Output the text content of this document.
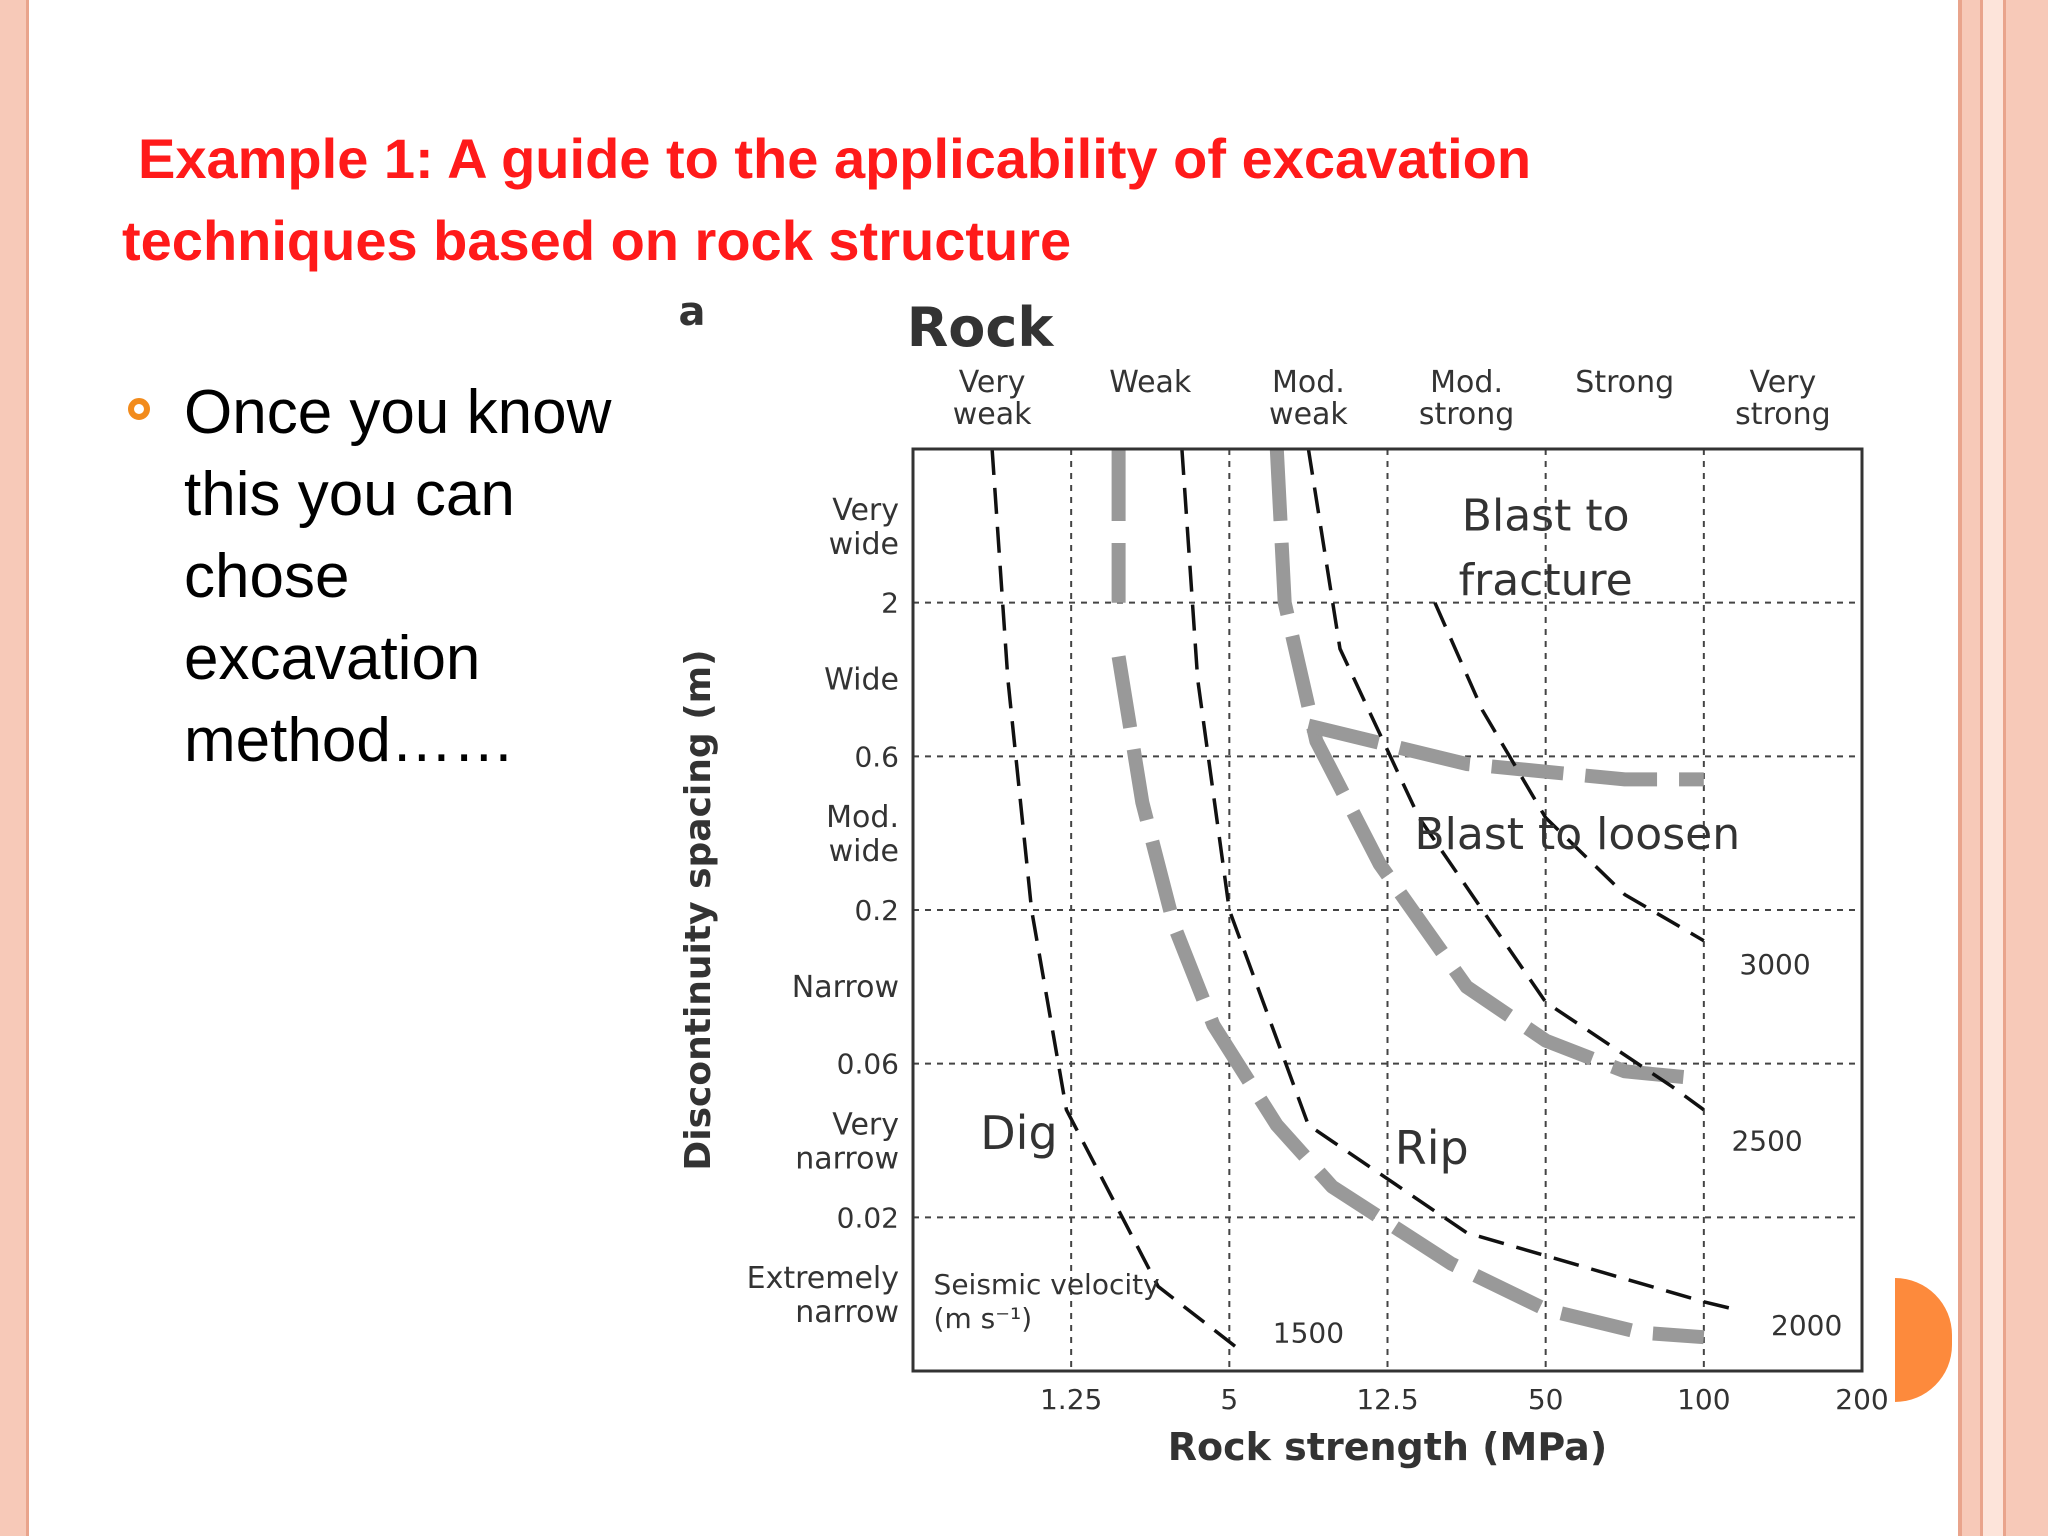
Example 1: A guide to the applicability of excavation
techniques based on rock structure
Once you know this you can chose excavation method……
1500	2000
2500
3000
Dig	Rip
Blast to loosen
Blast to
fracture
Seismic velocity
(m s⁻¹)
1.25	5	12.5	50	100	200
2
0.6
0.2
0.06
0.02
Very
weak
Weak	Mod.
weak
Mod.
strong
Strong	Very
strong
Very
wide
Wide
Mod.
wide
Narrow
Very
narrow
Extremely
narrow
a	Rock
Rock strength (MPa)
Discontinuity spacing (m)
